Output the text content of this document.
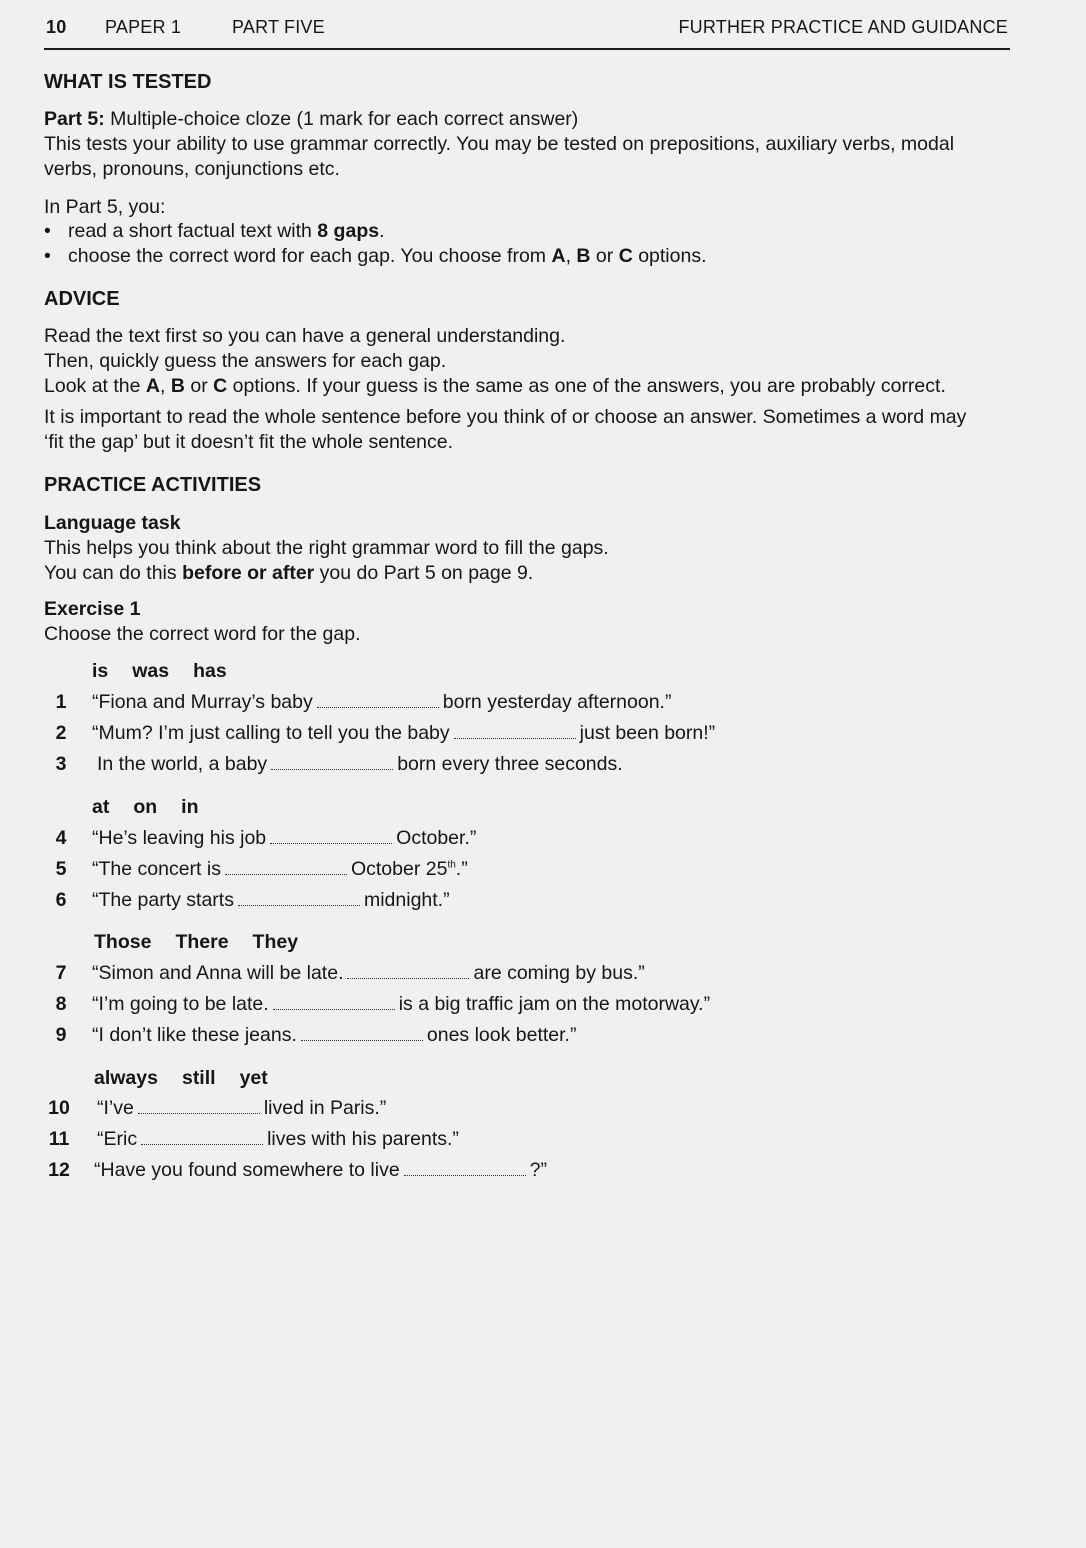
10 PAPER 1	PART FIVE	FURTHER PRACTICE AND GUIDANCE
WHAT IS TESTED
Part 5: Multiple-choice cloze (1 mark for each correct answer)
This tests your ability to use grammar correctly. You may be tested on prepositions, auxiliary verbs, modal
verbs, pronouns, conjunctions etc.
In Part 5, you:
• read a short factual text with 8 gaps.
• choose the correct word for each gap. You choose from A, B or C options.
ADVICE
Read the text first so you can have a general understanding.
Then, quickly guess the answers for each gap.
Look at the A, B or C options. If your guess is the same as one of the answers, you are probably correct.
It is important to read the whole sentence before you think of or choose an answer. Sometimes a word may
‘fit the gap’ but it doesn’t fit the whole sentence.
PRACTICE ACTIVITIES
Language task
This helps you think about the right grammar word to fill the gaps.
You can do this before or after you do Part 5 on page 9.
Exercise 1
Choose the correct word for the gap.
is was has
1	“Fiona and Murray’s baby	born yesterday afternoon.”
2	“Mum? I’m just calling to tell you the baby	just been born!”
3	In the world, a baby	born every three seconds.
at on in
4	“He’s leaving his job	October.”
5	“The concert is	October 25th.”
6	“The party starts	midnight.”
Those There They
7	“Simon and Anna will be late.	are coming by bus.”
8	“I’m going to be late.	is a big traffic jam on the motorway.”
9	“I don’t like these jeans.	ones look better.”
always still yet
10 “I’ve	lived in Paris.”
11 “Eric	lives with his parents.”
12 “Have you found somewhere to live	?”
